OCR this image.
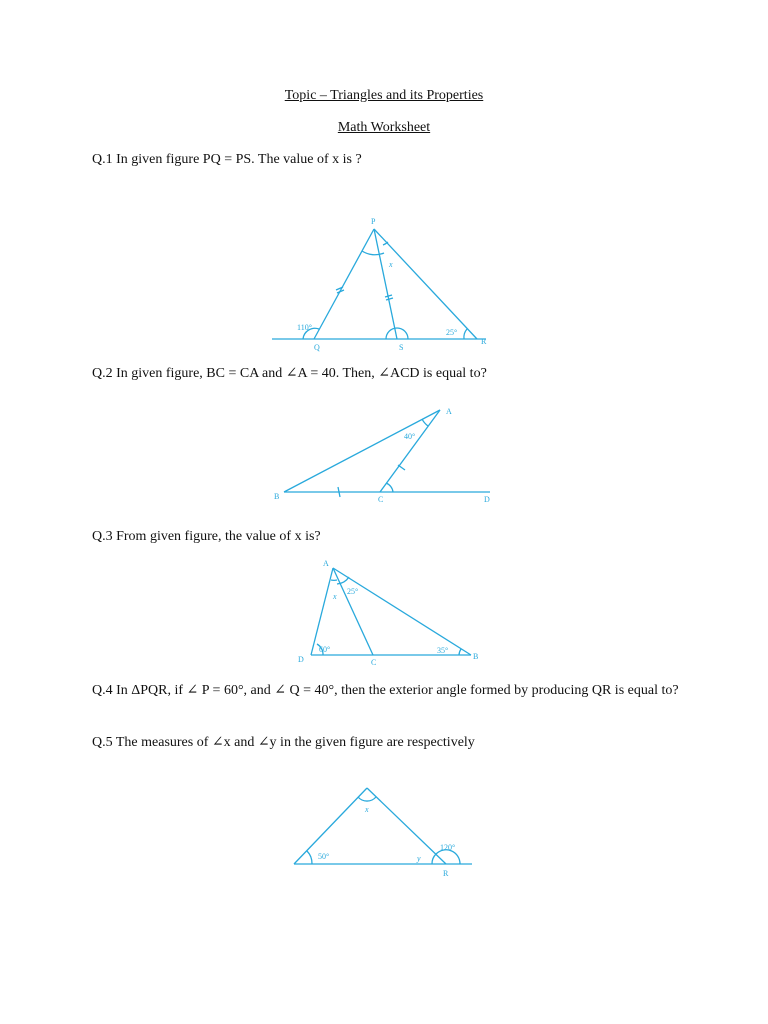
Topic – Triangles and its Properties
Math Worksheet
Q.1 In given figure PQ = PS. The value of x is ?
P
Q	S
R
x
110°
25°
Q.2 In given figure, BC = CA and ∠A = 40. Then, ∠ACD is equal to?
A
B	C	D
40°
Q.3 From given figure, the value of x is?
A
D	C
B
x
25°
60°	35°
Q.4 In ΔPQR, if ∠ P = 60°, and ∠ Q = 40°, then the exterior angle formed by producing QR is equal to?
Q.5 The measures of ∠x and ∠y in the given figure are respectively
x
y
50°
120°
R
